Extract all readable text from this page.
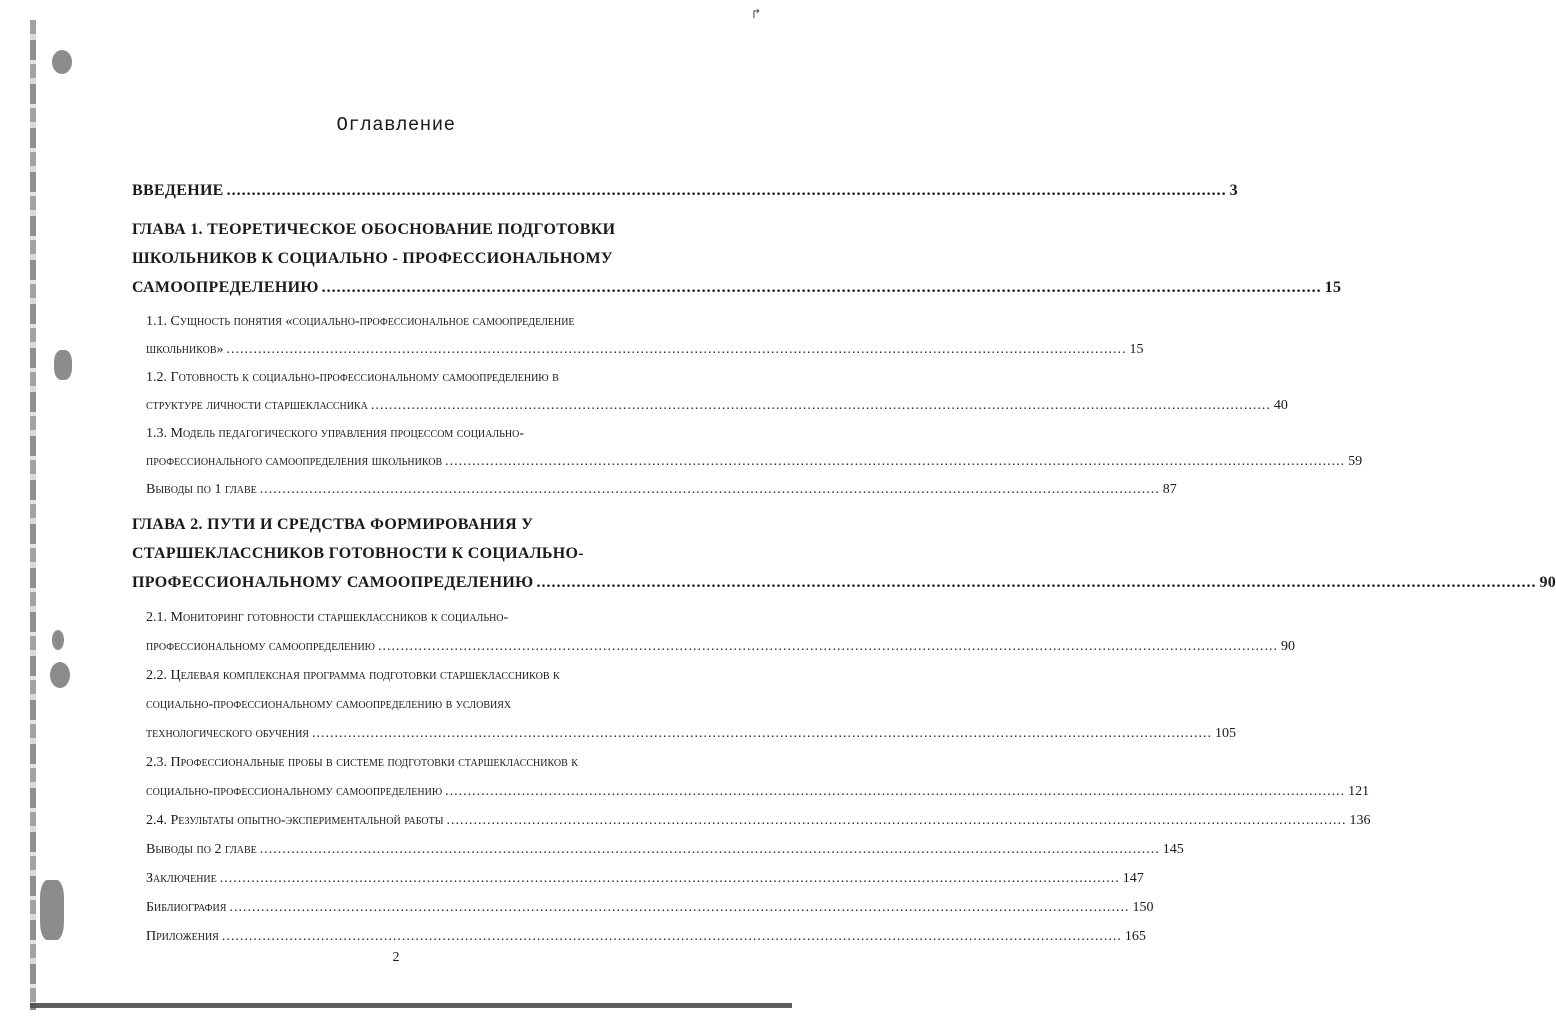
↱
Оглавление
ВВЕДЕНИЕ ........................................................................................................................................................................................................ 3
ГЛАВА 1. ТЕОРЕТИЧЕСКОЕ ОБОСНОВАНИЕ ПОДГОТОВКИ
ШКОЛЬНИКОВ К СОЦИАЛЬНО - ПРОФЕССИОНАЛЬНОМУ
САМООПРЕДЕЛЕНИЮ ........................................................................................................................................................................................................ 15
1.1. Сущность понятия «социально-профессиональное самоопределение
школьников» ........................................................................................................................................................................................................ 15
1.2. Готовность к социально-профессиональному самоопределению в
структуре личности старшеклассника ........................................................................................................................................................................................................ 40
1.3. Модель педагогического управления процессом социально-
профессионального самоопределения школьников ........................................................................................................................................................................................................ 59
Выводы по 1 главе ........................................................................................................................................................................................................ 87
ГЛАВА 2. ПУТИ И СРЕДСТВА ФОРМИРОВАНИЯ У
СТАРШЕКЛАССНИКОВ ГОТОВНОСТИ К СОЦИАЛЬНО-
ПРОФЕССИОНАЛЬНОМУ САМООПРЕДЕЛЕНИЮ ........................................................................................................................................................................................................ 90
2.1. Мониторинг готовности старшеклассников к социально-
профессиональному самоопределению ........................................................................................................................................................................................................ 90
2.2. Целевая комплексная программа подготовки старшеклассников к
социально-профессиональному самоопределению в условиях
технологического обучения ........................................................................................................................................................................................................ 105
2.3. Профессиональные пробы в системе подготовки старшеклассников к
социально-профессиональному самоопределению ........................................................................................................................................................................................................ 121
2.4. Результаты опытно-экспериментальной работы ........................................................................................................................................................................................................ 136
Выводы по 2 главе ........................................................................................................................................................................................................ 145
Заключение ........................................................................................................................................................................................................ 147
Библиография ........................................................................................................................................................................................................ 150
Приложения ........................................................................................................................................................................................................ 165
2
